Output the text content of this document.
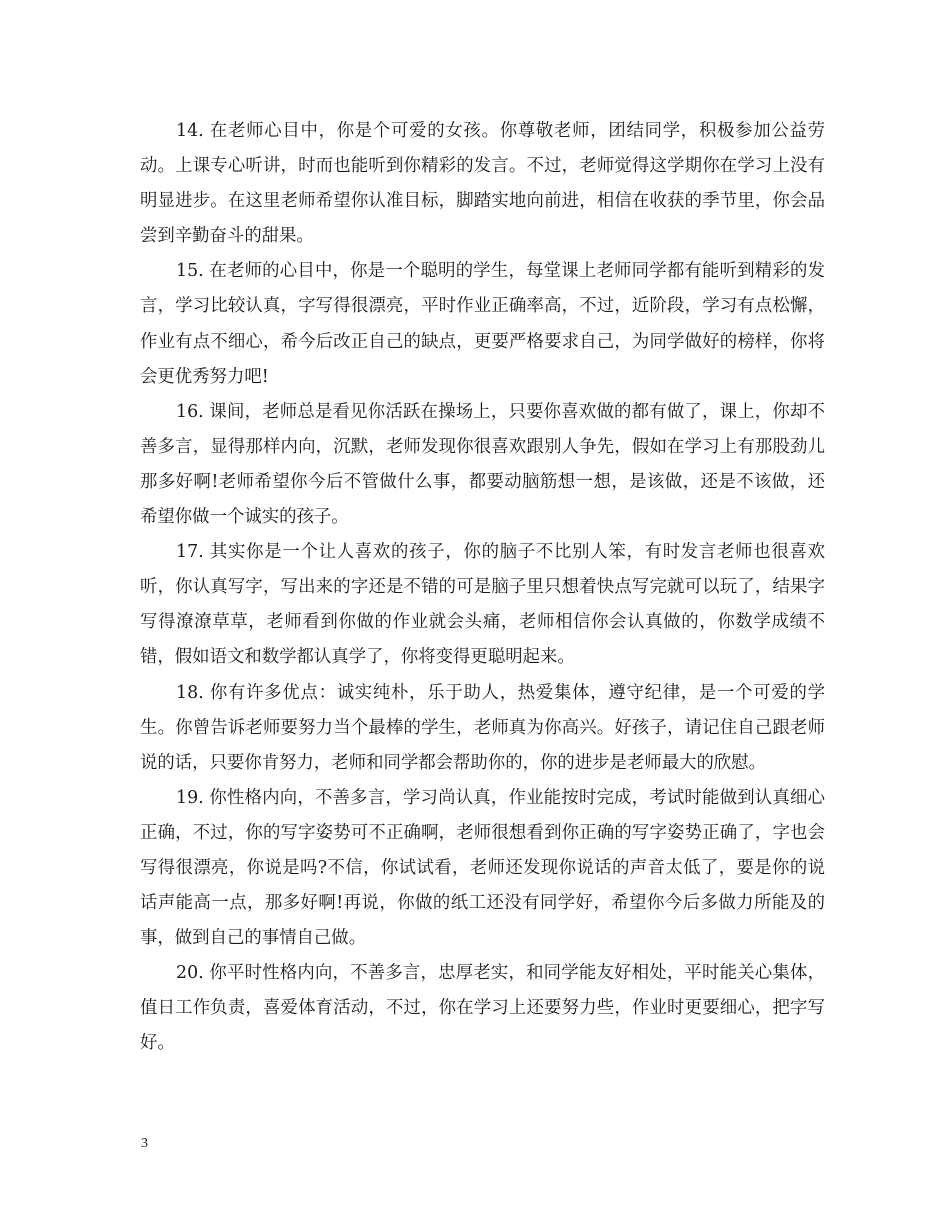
14. 在老师心目中，你是个可爱的女孩。你尊敬老师，团结同学，积极参加公益劳动。上课专心听讲，时而也能听到你精彩的发言。不过，老师觉得这学期你在学习上没有明显进步。在这里老师希望你认准目标，脚踏实地向前进，相信在收获的季节里，你会品尝到辛勤奋斗的甜果。

15. 在老师的心目中，你是一个聪明的学生，每堂课上老师同学都有能听到精彩的发言，学习比较认真，字写得很漂亮，平时作业正确率高，不过，近阶段，学习有点松懈，作业有点不细心，希今后改正自己的缺点，更要严格要求自己，为同学做好的榜样，你将会更优秀努力吧!

16. 课间，老师总是看见你活跃在操场上，只要你喜欢做的都有做了，课上，你却不善多言，显得那样内向，沉默，老师发现你很喜欢跟别人争先，假如在学习上有那股劲儿那多好啊!老师希望你今后不管做什么事，都要动脑筋想一想，是该做，还是不该做，还希望你做一个诚实的孩子。

17. 其实你是一个让人喜欢的孩子，你的脑子不比别人笨，有时发言老师也很喜欢听，你认真写字，写出来的字还是不错的可是脑子里只想着快点写完就可以玩了，结果字写得潦潦草草，老师看到你做的作业就会头痛，老师相信你会认真做的，你数学成绩不错，假如语文和数学都认真学了，你将变得更聪明起来。

18. 你有许多优点：诚实纯朴，乐于助人，热爱集体，遵守纪律，是一个可爱的学生。你曾告诉老师要努力当个最棒的学生，老师真为你高兴。好孩子，请记住自己跟老师说的话，只要你肯努力，老师和同学都会帮助你的，你的进步是老师最大的欣慰。

19. 你性格内向，不善多言，学习尚认真，作业能按时完成，考试时能做到认真细心正确，不过，你的写字姿势可不正确啊，老师很想看到你正确的写字姿势正确了，字也会写得很漂亮，你说是吗?不信，你试试看，老师还发现你说话的声音太低了，要是你的说话声能高一点，那多好啊!再说，你做的纸工还没有同学好，希望你今后多做力所能及的事，做到自己的事情自己做。

20. 你平时性格内向，不善多言，忠厚老实，和同学能友好相处，平时能关心集体，值日工作负责，喜爱体育活动，不过，你在学习上还要努力些，作业时更要细心，把字写好。

3
